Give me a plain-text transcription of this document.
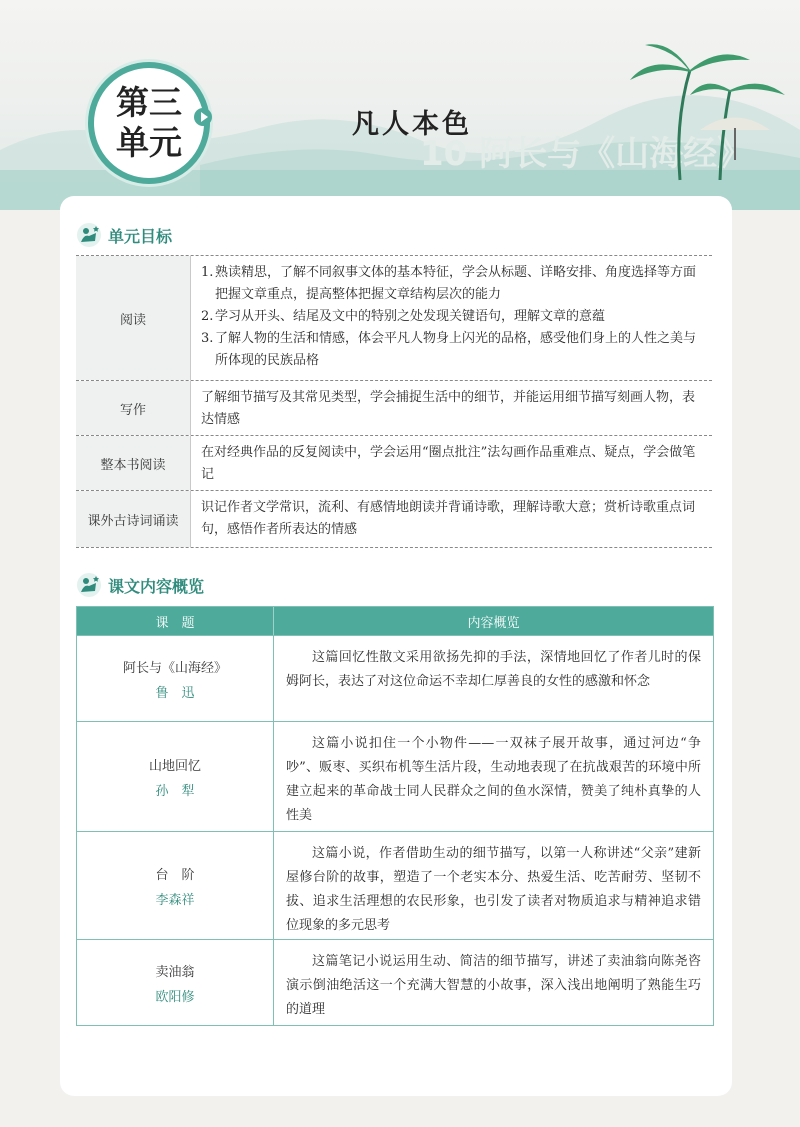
10 阿长与《山海经》
第三
单元	凡人本色
单元目标
阅读
1. 熟读精思，了解不同叙事文体的基本特征，学会从标题、详略安排、角度选择等方面把握文章重点，提高整体把握文章结构层次的能力
2. 学习从开头、结尾及文中的特别之处发现关键语句，理解文章的意蕴
3. 了解人物的生活和情感，体会平凡人物身上闪光的品格，感受他们身上的人性之美与所体现的民族品格
写作
了解细节描写及其常见类型，学会捕捉生活中的细节，并能运用细节描写刻画人物，表达情感
整本书阅读
在对经典作品的反复阅读中，学会运用“圈点批注”法勾画作品重难点、疑点，学会做笔记
课外古诗词诵读
识记作者文学常识，流利、有感情地朗读并背诵诗歌，理解诗歌大意；赏析诗歌重点词句，感悟作者所表达的情感
课文内容概览
课　题	内容概览
阿长与《山海经》
鲁　迅
这篇回忆性散文采用欲扬先抑的手法，深情地回忆了作者儿时的保姆阿长，表达了对这位命运不幸却仁厚善良的女性的感激和怀念
山地回忆
孙　犁
这篇小说扣住一个小物件——一双袜子展开故事，通过河边“争吵”、贩枣、买织布机等生活片段，生动地表现了在抗战艰苦的环境中所建立起来的革命战士同人民群众之间的鱼水深情，赞美了纯朴真挚的人性美
台　阶
李森祥
这篇小说，作者借助生动的细节描写，以第一人称讲述“父亲”建新屋修台阶的故事，塑造了一个老实本分、热爱生活、吃苦耐劳、坚韧不拔、追求生活理想的农民形象，也引发了读者对物质追求与精神追求错位现象的多元思考
卖油翁
欧阳修
这篇笔记小说运用生动、简洁的细节描写，讲述了卖油翁向陈尧咨演示倒油绝活这一个充满大智慧的小故事，深入浅出地阐明了熟能生巧的道理
